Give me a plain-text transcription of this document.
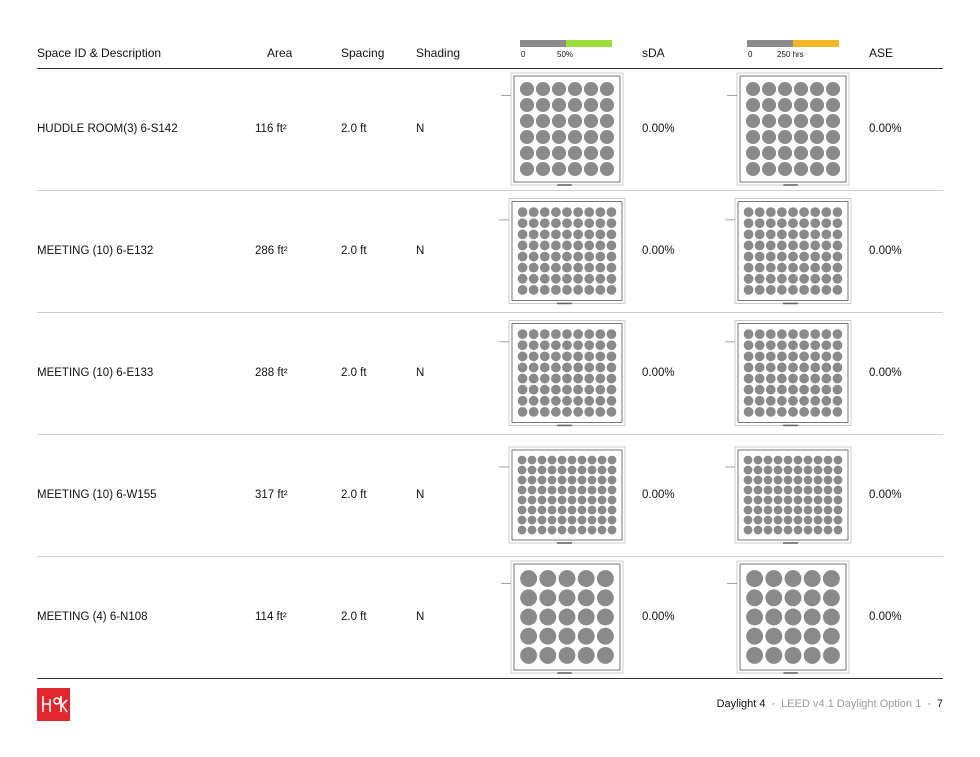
Space ID & Description	Area	Spacing	Shading	0	50%	sDA	0	250 hrs	ASE
HUDDLE ROOM(3) 6-S142	116 ft²	2.0 ft	N	0.00%	0.00%
MEETING (10) 6-E132	286 ft²	2.0 ft	N	0.00%	0.00%
MEETING (10) 6-E133	288 ft²	2.0 ft	N	0.00%	0.00%
MEETING (10) 6-W155	317 ft²	2.0 ft	N	0.00%	0.00%
MEETING (4) 6-N108	114 ft²	2.0 ft	N	0.00%	0.00%
Daylight 4 · LEED v4.1 Daylight Option 1 · 7
